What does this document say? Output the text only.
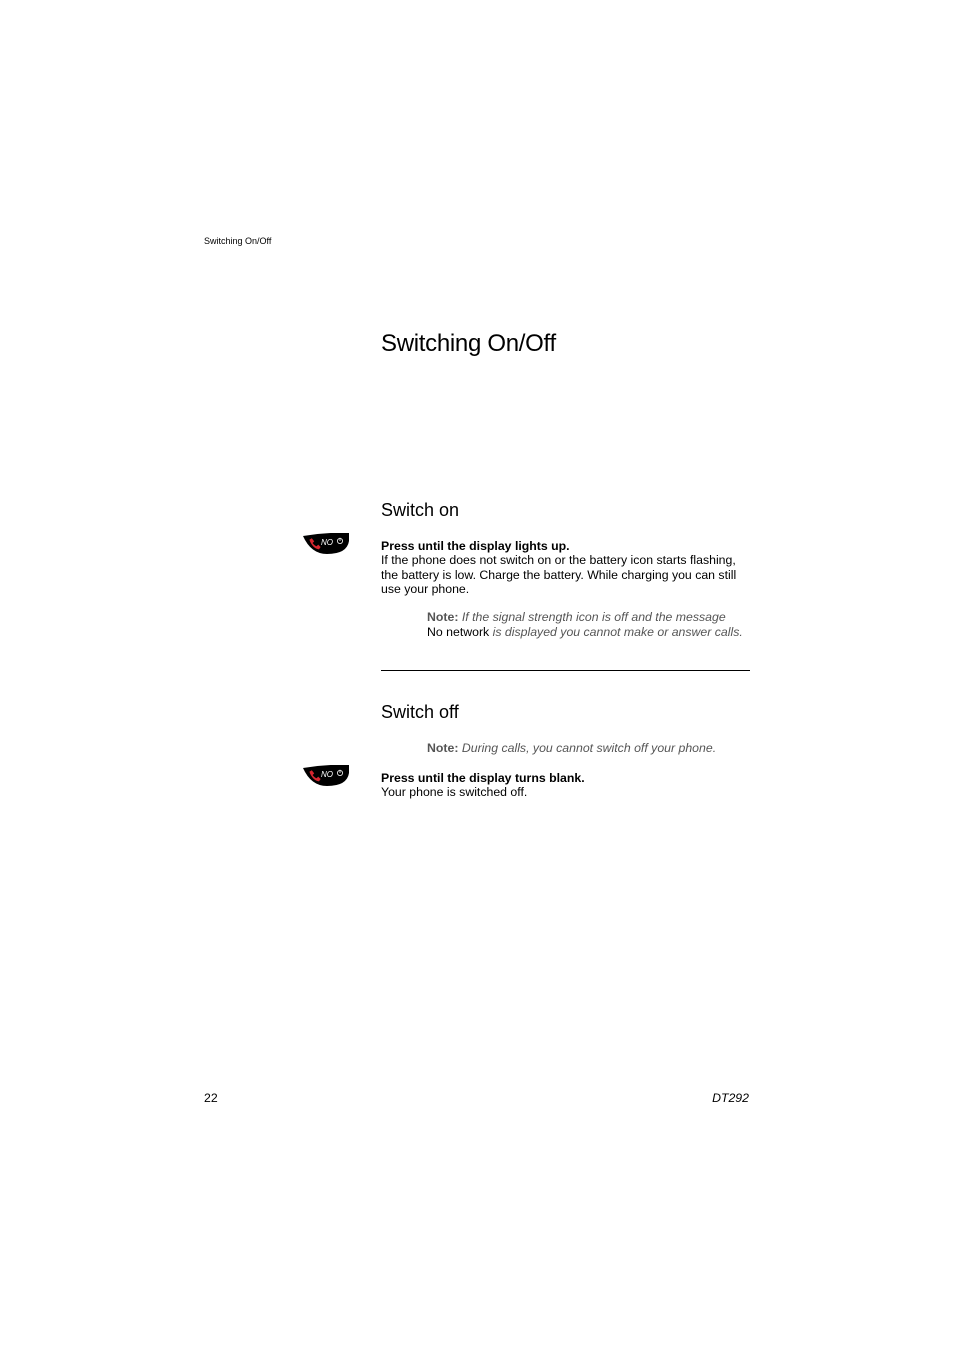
Switching On/Off
Switching On/Off
Switch on
NO	Press until the display lights up.
If the phone does not switch on or the battery icon starts flashing, the battery is low. Charge the battery. While charging you can still use your phone.
Note: If the signal strength icon is off and the message
No network is displayed you cannot make or answer calls.
Switch off
Note: During calls, you cannot switch off your phone.
NO	Press until the display turns blank.
Your phone is switched off.
22	DT292
